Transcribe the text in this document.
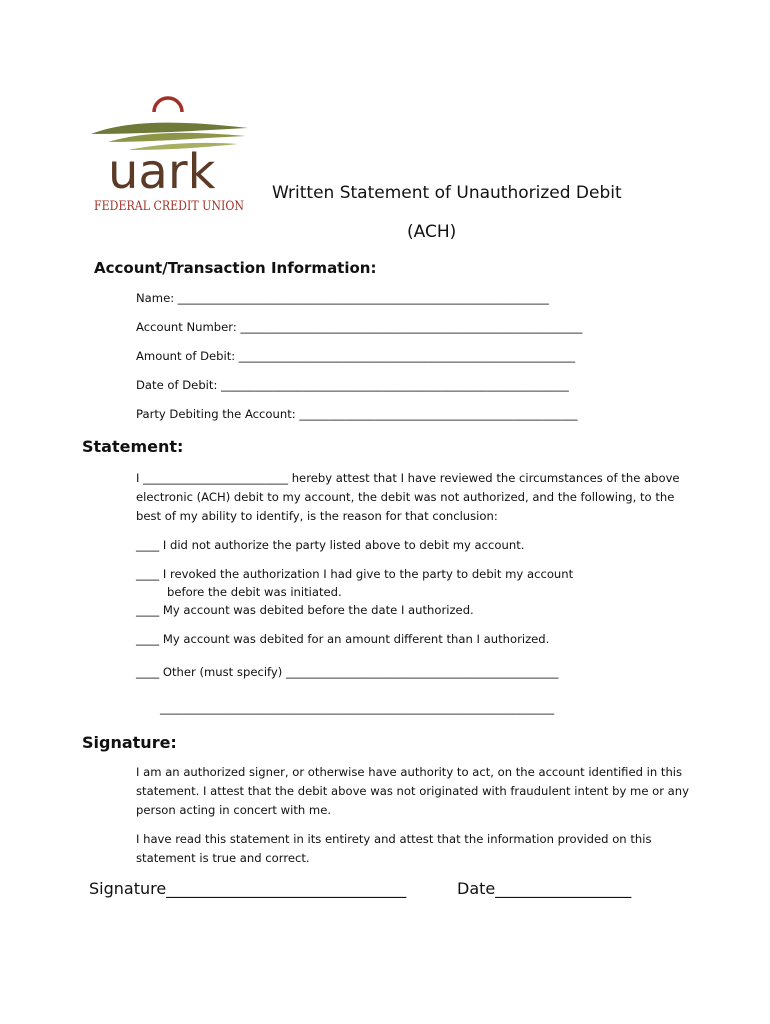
uark
FEDERAL CREDIT UNION
Written Statement of Unauthorized Debit
(ACH)
Account/Transaction Information:
Name: ________________________________________________________________
Account Number: ___________________________________________________________
Amount of Debit: __________________________________________________________
Date of Debit: ____________________________________________________________
Party Debiting the Account: ________________________________________________
Statement:
I _________________________ hereby attest that I have reviewed the circumstances of the above electronic (ACH) debit to my account, the debit was not authorized, and the following, to the best of my ability to identify, is the reason for that conclusion:
____ I did not authorize the party listed above to debit my account.
____ I revoked the authorization I had give to the party to debit my account
before the debit was initiated.
____ My account was debited before the date I authorized.
____ My account was debited for an amount different than I authorized.
____ Other (must specify) _______________________________________________
____________________________________________________________________
Signature:
I am an authorized signer, or otherwise have authority to act, on the account identified in this statement. I attest that the debit above was not originated with fraudulent intent by me or any person acting in concert with me.
I have read this statement in its entirety and attest that the information provided on this statement is true and correct.
Signature______________________________	Date_________________
